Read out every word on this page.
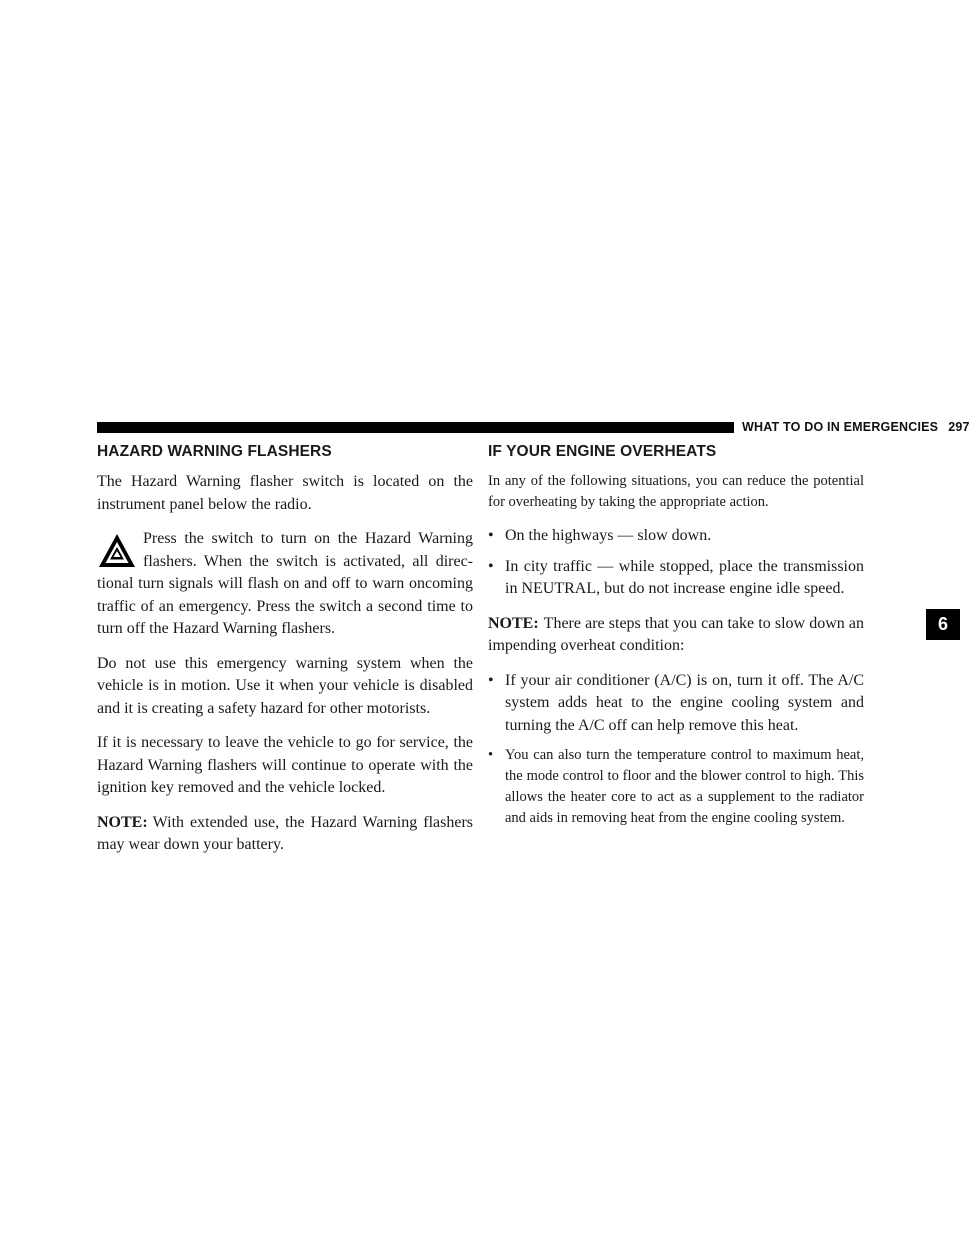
WHAT TO DO IN EMERGENCIES 297
6
HAZARD WARNING FLASHERS

The Hazard Warning flasher switch is located on the instrument panel below the radio.

Press the switch to turn on the Hazard Warning flashers. When the switch is activated, all direc-tional turn signals will flash on and off to warn oncoming traffic of an emergency. Press the switch a second time to turn off the Hazard Warning flashers.

Do not use this emergency warning system when the vehicle is in motion. Use it when your vehicle is disabled and it is creating a safety hazard for other motorists.

If it is necessary to leave the vehicle to go for service, the Hazard Warning flashers will continue to operate with the ignition key removed and the vehicle locked.

NOTE: With extended use, the Hazard Warning flashers may wear down your battery.

IF YOUR ENGINE OVERHEATS

In any of the following situations, you can reduce the potential for overheating by taking the appropriate action.

• On the highways — slow down.
• In city traffic — while stopped, place the transmission in NEUTRAL, but do not increase engine idle speed.

NOTE: There are steps that you can take to slow down an impending overheat condition:

• If your air conditioner (A/C) is on, turn it off. The A/C system adds heat to the engine cooling system and turning the A/C off can help remove this heat.
• You can also turn the temperature control to maximum heat, the mode control to floor and the blower control to high. This allows the heater core to act as a supplement to the radiator and aids in removing heat from the engine cooling system.
